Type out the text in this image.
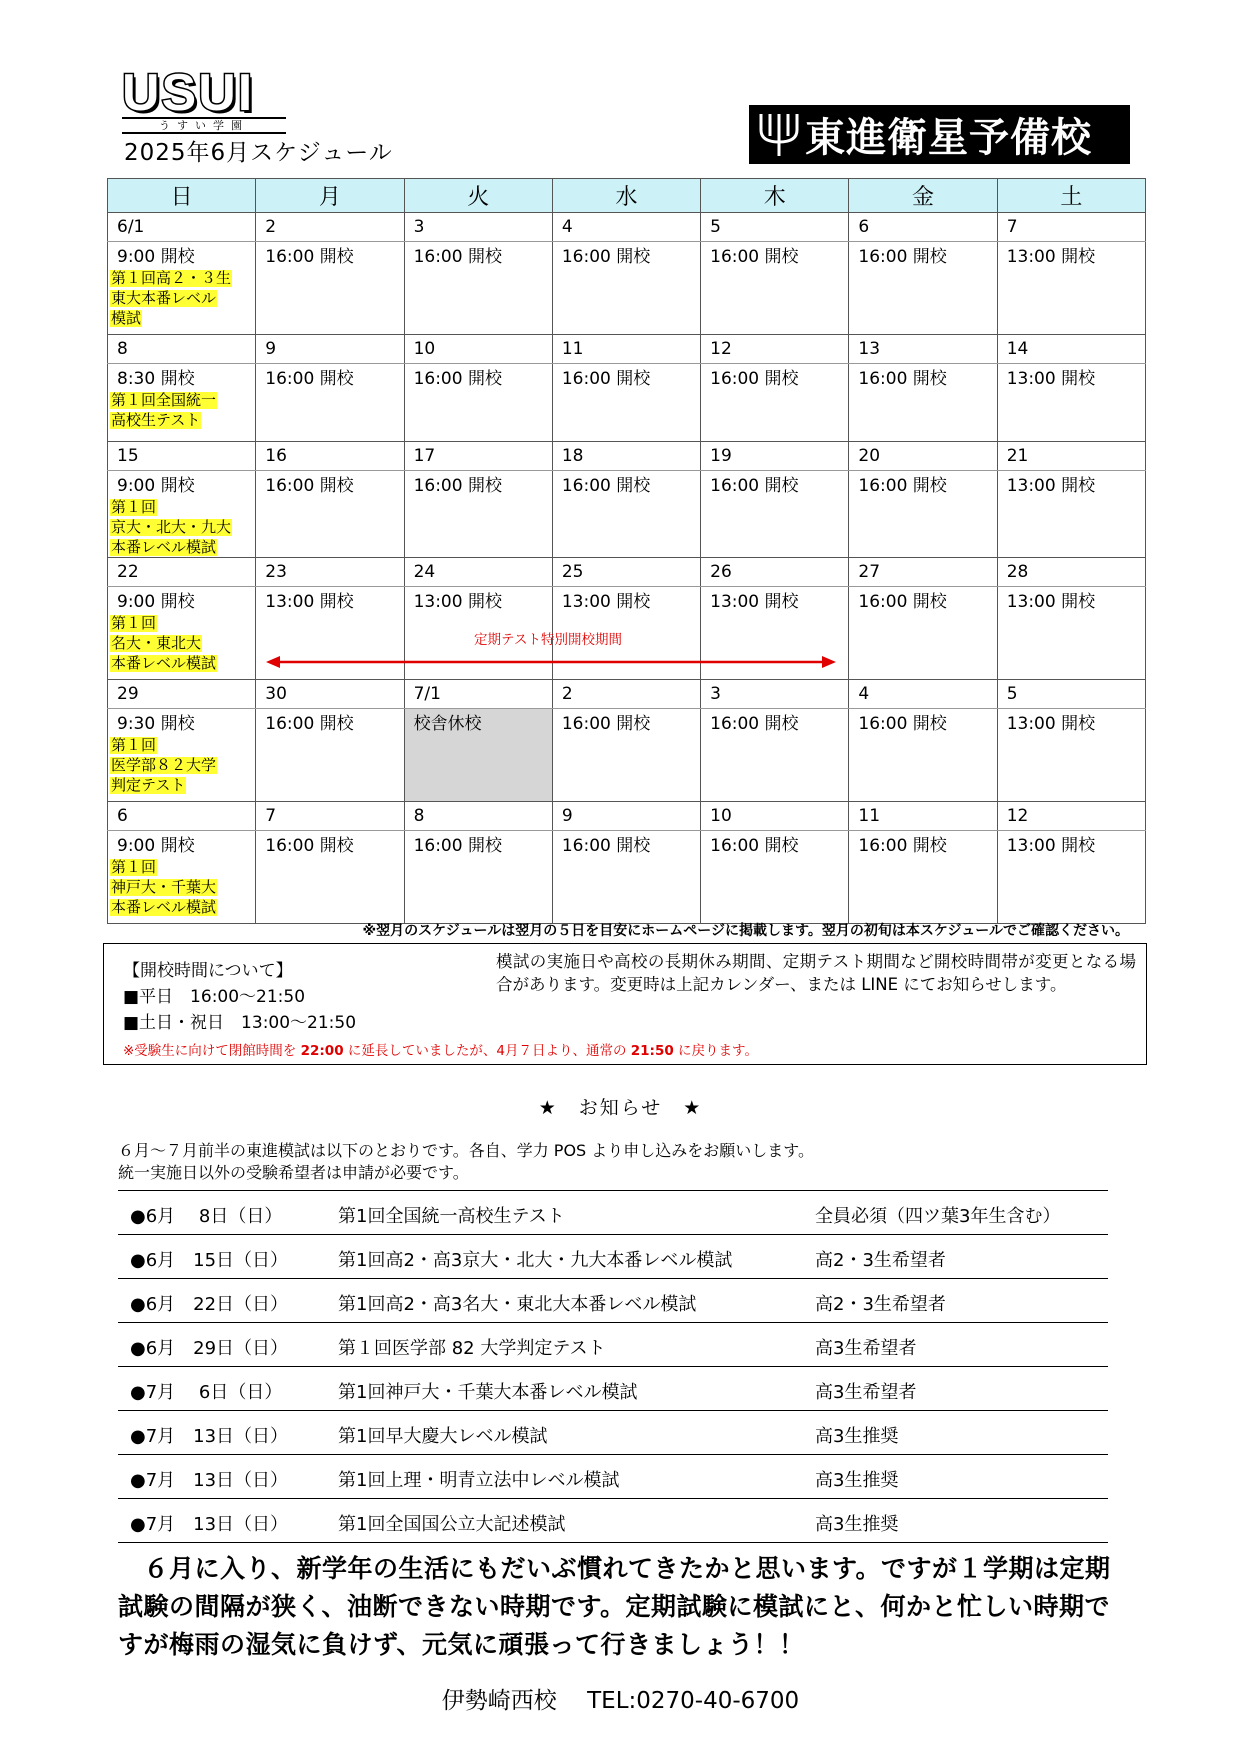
USUI
うすい学園
2025年6月スケジュール	東進衛星予備校
日	月	火	水	木	金	土
6/1	2	3	4	5	6	7

9:00 開校
第１回高２・３生
東大本番レベル
模試	16:00 開校	16:00 開校	16:00 開校	16:00 開校	16:00 開校	13:00 開校

8	9	10	11	12	13	14

8:30 開校
第１回全国統一
高校生テスト	16:00 開校	16:00 開校	16:00 開校	16:00 開校	16:00 開校	13:00 開校

15	16	17	18	19	20	21

9:00 開校
第１回
京大・北大・九大
本番レベル模試	16:00 開校	16:00 開校	16:00 開校	16:00 開校	16:00 開校	13:00 開校

22	23	24	25	26	27	28

9:00 開校
第１回
名大・東北大
本番レベル模試	13:00 開校	13:00 開校	13:00 開校	13:00 開校	16:00 開校	13:00 開校

29	30	7/1	2	3	4	5

9:30 開校
第１回
医学部８２大学
判定テスト	16:00 開校	校舎休校	16:00 開校	16:00 開校	16:00 開校	13:00 開校

6	7	8	9	10	11	12

9:00 開校
第１回
神戸大・千葉大
本番レベル模試	16:00 開校	16:00 開校	16:00 開校	16:00 開校	16:00 開校	13:00 開校
定期テスト特別開校期間
※翌月のスケジュールは翌月の５日を目安にホームページに掲載します。翌月の初旬は本スケジュールでご確認ください。
【開校時間について】
■平日　16:00～21:50
■土日・祝日　13:00～21:50
模試の実施日や高校の長期休み期間、定期テスト期間など開校時間帯が変更となる場合があります。変更時は上記カレンダー、または LINE にてお知らせします。
※受験生に向けて閉館時間を 22:00 に延長していましたが、4月７日より、通常の 21:50 に戻ります。
★　お知らせ　★
６月～７月前半の東進模試は以下のとおりです。各自、学力 POS より申し込みをお願いします。
統一実施日以外の受験希望者は申請が必要です。
●6月　 8日（日）	第1回全国統一高校生テスト	全員必須（四ツ葉3年生含む）
●6月　15日（日）	第1回高2・高3京大・北大・九大本番レベル模試	高2・3生希望者
●6月　22日（日）	第1回高2・高3名大・東北大本番レベル模試	高2・3生希望者
●6月　29日（日）	第１回医学部 82 大学判定テスト	高3生希望者
●7月　 6日（日）	第1回神戸大・千葉大本番レベル模試	高3生希望者
●7月　13日（日）	第1回早大慶大レベル模試	高3生推奨
●7月　13日（日）	第1回上理・明青立法中レベル模試	高3生推奨
●7月　13日（日）	第1回全国国公立大記述模試	高3生推奨
　６月に入り、新学年の生活にもだいぶ慣れてきたかと思います。ですが１学期は定期試験の間隔が狭く、油断できない時期です。定期試験に模試にと、何かと忙しい時期ですが梅雨の湿気に負けず、元気に頑張って行きましょう！！
伊勢崎西校　 TEL:0270-40-6700
